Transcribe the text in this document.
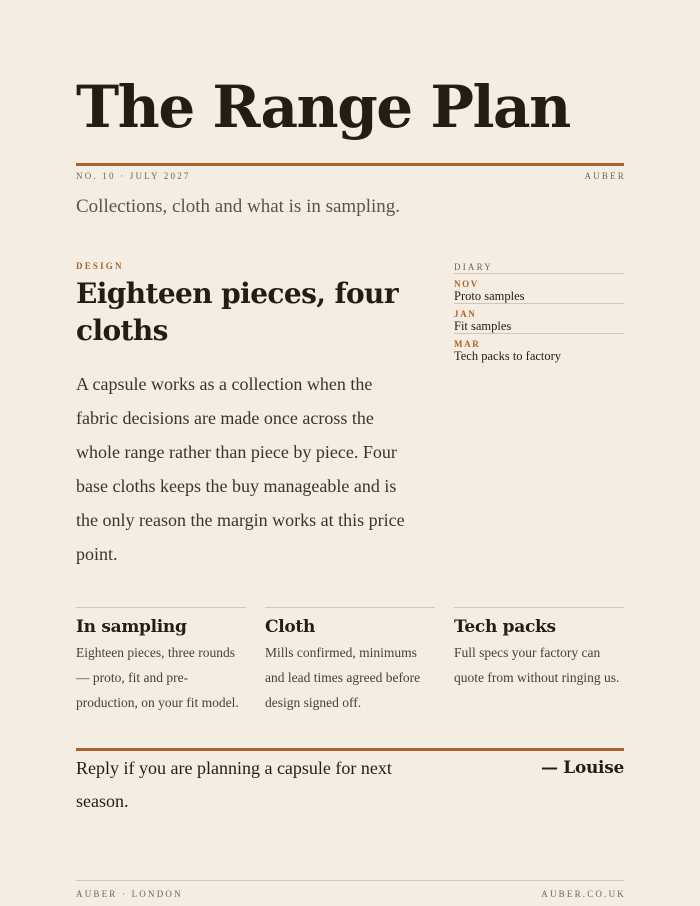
The Range Plan
NO. 10 · JULY 2027	AUBER
Collections, cloth and what is in sampling.
DESIGN
Eighteen pieces, four cloths

A capsule works as a collection when the fabric decisions are made once across the whole range rather than piece by piece. Four base cloths keeps the buy manageable and is the only reason the margin works at this price point.

DIARY
NOV
Proto samples
JAN
Fit samples
MAR
Tech packs to factory
In sampling

Eighteen pieces, three rounds — proto, fit and pre-production, on your fit model.

Cloth

Mills confirmed, minimums and lead times agreed before design signed off.

Tech packs

Full specs your factory can quote from without ringing us.

Reply if you are planning a capsule for next season.
— Louise
AUBER · LONDON	AUBER.CO.UK
